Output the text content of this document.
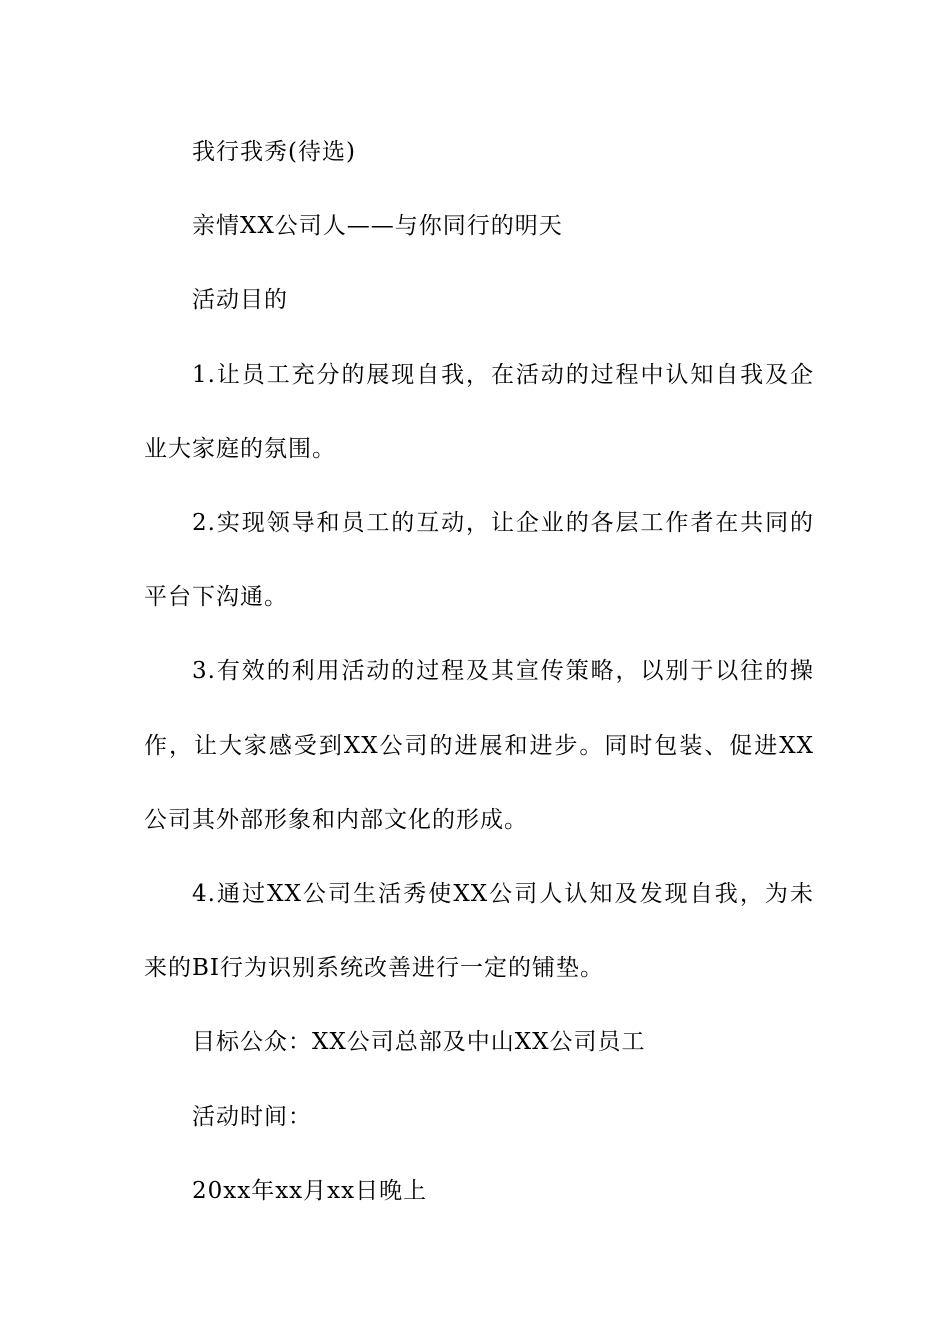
我行我秀(待选)
亲情XX公司人——与你同行的明天
活动目的
1.让员工充分的展现自我，在活动的过程中认知自我及企
业大家庭的氛围。
2.实现领导和员工的互动，让企业的各层工作者在共同的
平台下沟通。
3.有效的利用活动的过程及其宣传策略，以别于以往的操
作，让大家感受到XX公司的进展和进步。同时包装、促进XX
公司其外部形象和内部文化的形成。
4.通过XX公司生活秀使XX公司人认知及发现自我，为未
来的BI行为识别系统改善进行一定的铺垫。
目标公众：XX公司总部及中山XX公司员工
活动时间：
20xx年xx月xx日晚上
